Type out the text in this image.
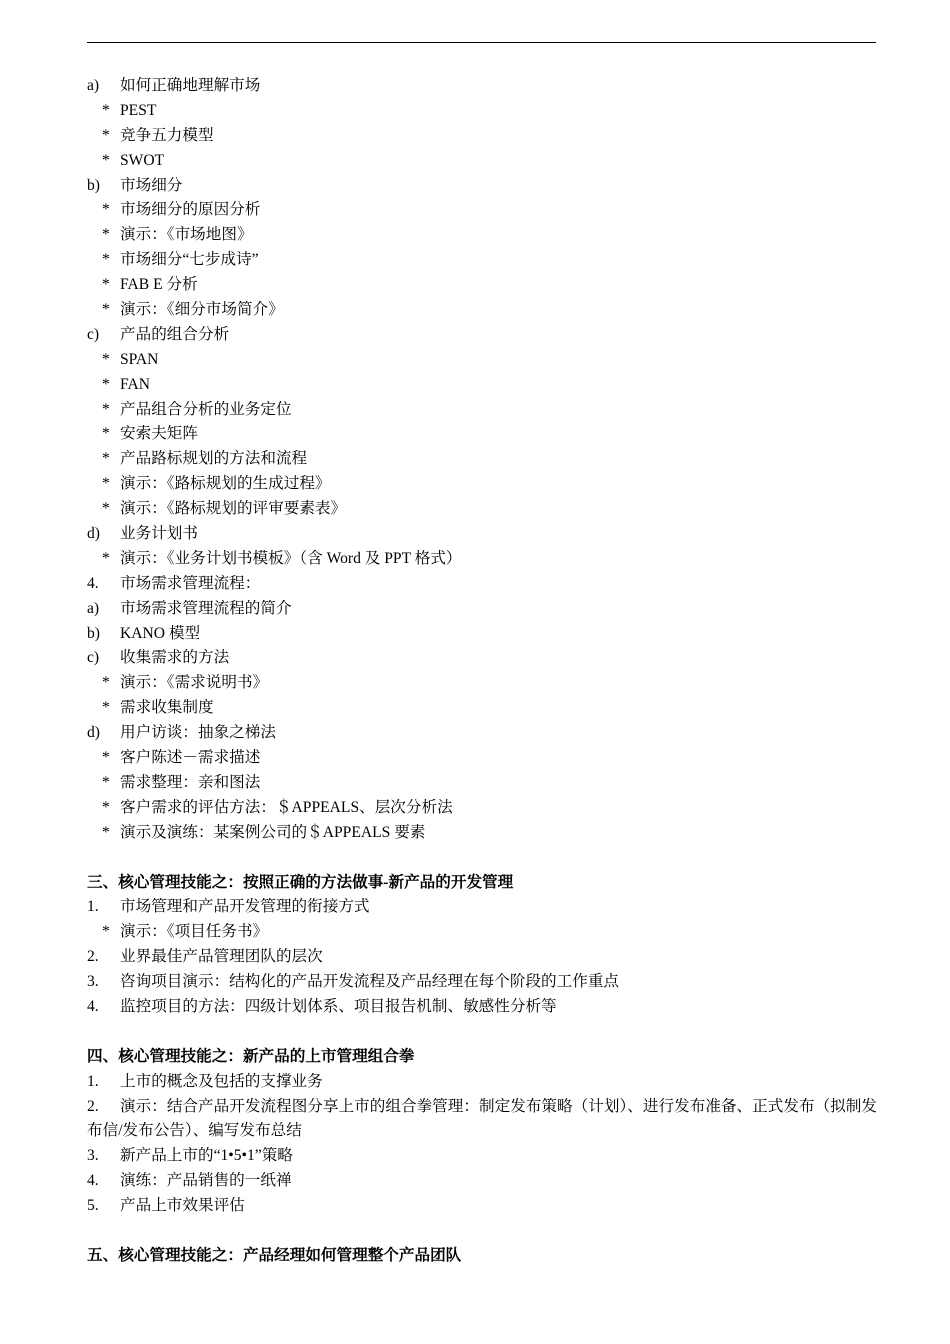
a) 如何正确地理解市场
* PEST
* 竞争五力模型
* SWOT
b) 市场细分
* 市场细分的原因分析
* 演示：《市场地图》
* 市场细分“七步成诗”
* FAB E 分析
* 演示：《细分市场简介》
c) 产品的组合分析
* SPAN
* FAN
* 产品组合分析的业务定位
* 安索夫矩阵
* 产品路标规划的方法和流程
* 演示：《路标规划的生成过程》
* 演示：《路标规划的评审要素表》
d) 业务计划书
* 演示：《业务计划书模板》（含 Word 及 PPT 格式）
4. 市场需求管理流程：
a) 市场需求管理流程的简介
b) KANO 模型
c) 收集需求的方法
* 演示：《需求说明书》
* 需求收集制度
d) 用户访谈：抽象之梯法
* 客户陈述－需求描述
* 需求整理：亲和图法
* 客户需求的评估方法：＄APPEALS、层次分析法
* 演示及演练：某案例公司的＄APPEALS 要素
三、核心管理技能之：按照正确的方法做事-新产品的开发管理
1. 市场管理和产品开发管理的衔接方式
* 演示：《项目任务书》
2. 业界最佳产品管理团队的层次
3. 咨询项目演示：结构化的产品开发流程及产品经理在每个阶段的工作重点
4. 监控项目的方法：四级计划体系、项目报告机制、敏感性分析等
四、核心管理技能之：新产品的上市管理组合拳
1. 上市的概念及包括的支撑业务
2. 演示：结合产品开发流程图分享上市的组合拳管理：制定发布策略（计划）、进行发布准备、正式发布（拟制发布信/发布公告）、编写发布总结
3. 新产品上市的“1•5•1”策略
4. 演练：产品销售的一纸禅
5. 产品上市效果评估
五、核心管理技能之：产品经理如何管理整个产品团队
